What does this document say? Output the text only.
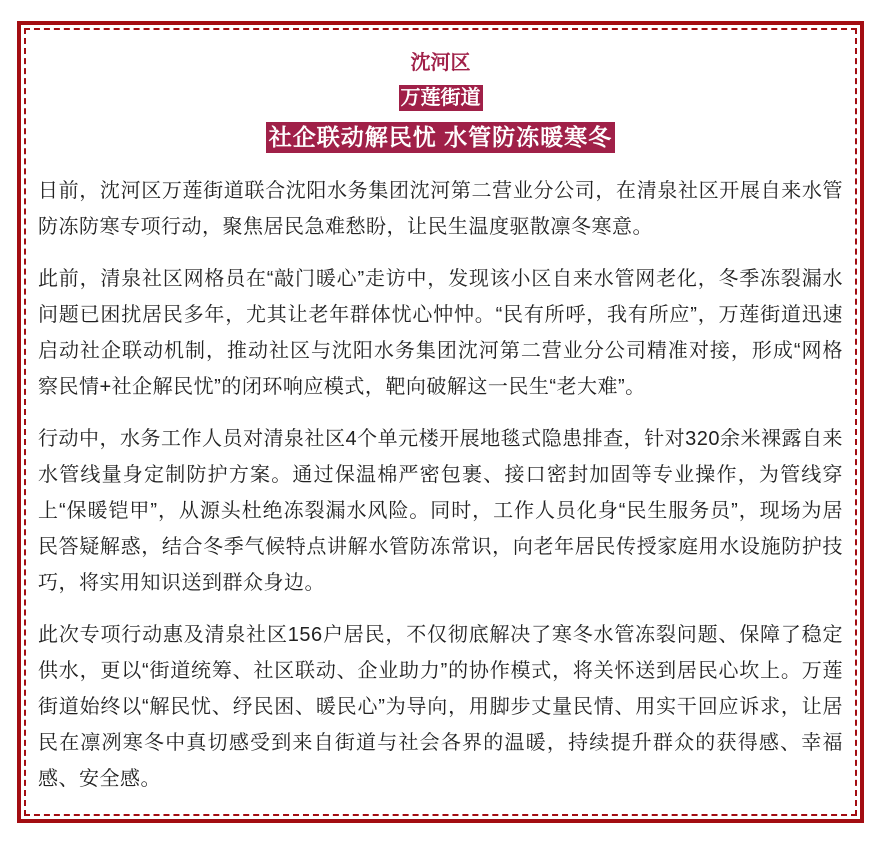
沈河区
万莲街道
社企联动解民忧 水管防冻暖寒冬

日前，沈河区万莲街道联合沈阳水务集团沈河第二营业分公司，在清泉社区开展自来水管防冻防寒专项行动，聚焦居民急难愁盼，让民生温度驱散凛冬寒意。

此前，清泉社区网格员在“敲门暖心”走访中，发现该小区自来水管网老化，冬季冻裂漏水问题已困扰居民多年，尤其让老年群体忧心忡忡。“民有所呼，我有所应”，万莲街道迅速启动社企联动机制，推动社区与沈阳水务集团沈河第二营业分公司精准对接，形成“网格察民情+社企解民忧”的闭环响应模式，靶向破解这一民生“老大难”。

行动中，水务工作人员对清泉社区4个单元楼开展地毯式隐患排查，针对320余米裸露自来水管线量身定制防护方案。通过保温棉严密包裹、接口密封加固等专业操作，为管线穿上“保暖铠甲”，从源头杜绝冻裂漏水风险。同时，工作人员化身“民生服务员”，现场为居民答疑解惑，结合冬季气候特点讲解水管防冻常识，向老年居民传授家庭用水设施防护技巧，将实用知识送到群众身边。

此次专项行动惠及清泉社区156户居民，不仅彻底解决了寒冬水管冻裂问题、保障了稳定供水，更以“街道统筹、社区联动、企业助力”的协作模式，将关怀送到居民心坎上。万莲街道始终以“解民忧、纾民困、暖民心”为导向，用脚步丈量民情、用实干回应诉求，让居民在凛冽寒冬中真切感受到来自街道与社会各界的温暖，持续提升群众的获得感、幸福感、安全感。
